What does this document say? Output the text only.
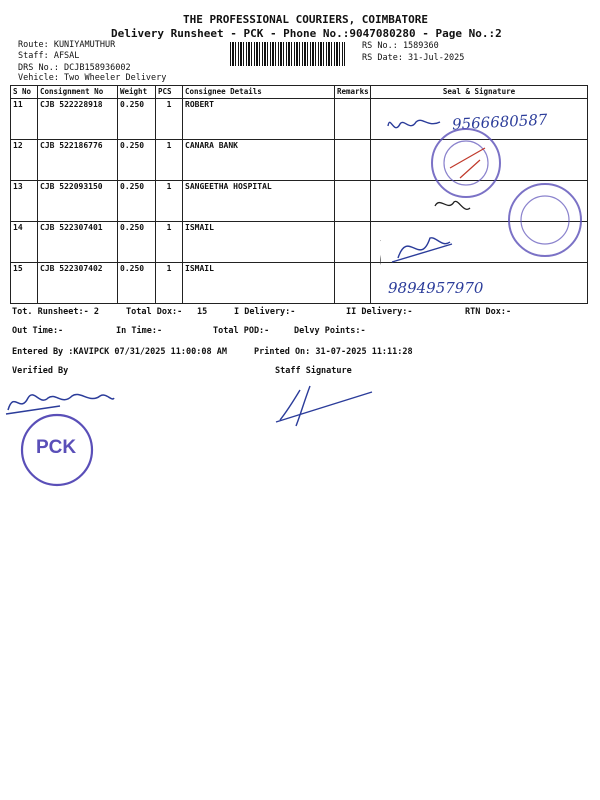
THE PROFESSIONAL COURIERS, COIMBATORE
Delivery Runsheet - PCK - Phone No.:9047080280 - Page No.:2
Route: KUNIYAMUTHUR
Staff: AFSAL
DRS No.: DCJB158936002
Vehicle: Two Wheeler Delivery
RS No.: 1589360
RS Date: 31-Jul-2025
S No	Consignment No	Weight	PCS	Consignee Details	Remarks	Seal & Signature
11	CJB 522228918	0.250	1	ROBERT		
12	CJB 522186776	0.250	1	CANARA BANK		
13	CJB 522093150	0.250	1	SANGEETHA HOSPITAL		
14	CJB 522307401	0.250	1	ISMAIL		
15	CJB 522307402	0.250	1	ISMAIL		
9566680587
9894957970
Tot. Runsheet:- 2	Total Dox:- 15	I Delivery:-	II Delivery:-	RTN Dox:-
Out Time:-	In Time:-	Total POD:-	Delvy Points:-
Entered By :KAVIPCK 07/31/2025 11:00:08 AM	Printed On: 31-07-2025 11:11:28
Verified By	Staff Signature
PCK
